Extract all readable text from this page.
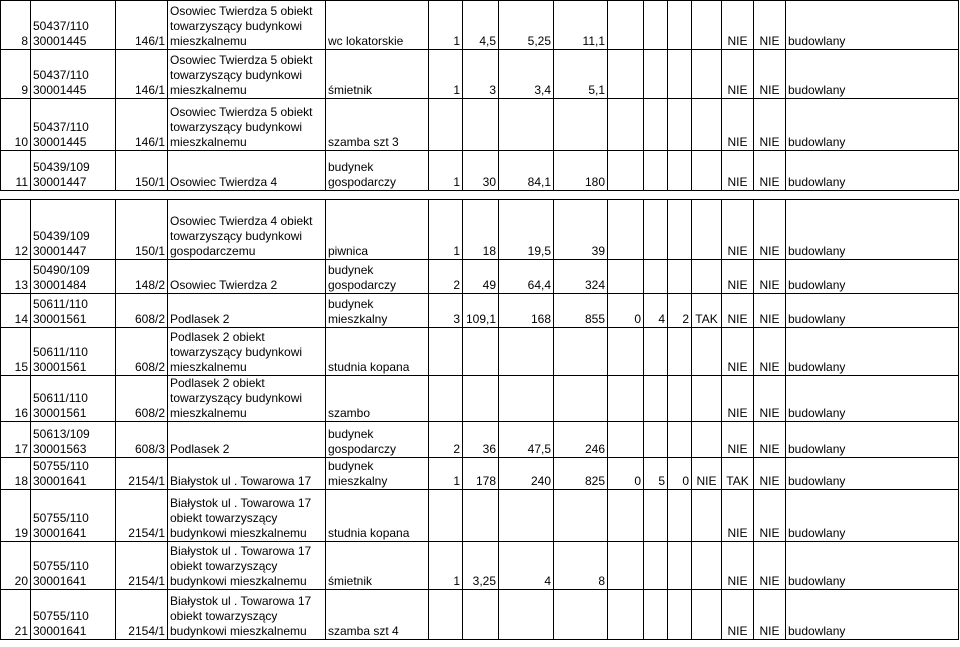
8	50437/110 30001445	146/1	Osowiec Twierdza 5 obiekt towarzyszący budynkowi mieszkalnemu	wc lokatorskie	1	4,5	5,25	11,1					NIE	NIE	budowlany
9	50437/110 30001445	146/1	Osowiec Twierdza 5 obiekt towarzyszący budynkowi mieszkalnemu	śmietnik	1	3	3,4	5,1					NIE	NIE	budowlany
10	50437/110 30001445	146/1	Osowiec Twierdza 5 obiekt towarzyszący budynkowi mieszkalnemu	szamba szt 3									NIE	NIE	budowlany
11	50439/109 30001447	150/1	Osowiec Twierdza 4	budynek gospodarczy	1	30	84,1	180					NIE	NIE	budowlany
12	50439/109 30001447	150/1	Osowiec Twierdza 4 obiekt towarzyszący budynkowi gospodarczemu	piwnica	1	18	19,5	39					NIE	NIE	budowlany
13	50490/109 30001484	148/2	Osowiec Twierdza 2	budynek gospodarczy	2	49	64,4	324					NIE	NIE	budowlany
14	50611/110 30001561	608/2	Podlasek 2	budynek mieszkalny	3	109,1	168	855	0	4	2	TAK	NIE	NIE	budowlany
15	50611/110 30001561	608/2	Podlasek 2 obiekt towarzyszący budynkowi mieszkalnemu	studnia kopana									NIE	NIE	budowlany
16	50611/110 30001561	608/2	Podlasek 2 obiekt towarzyszący budynkowi mieszkalnemu	szambo									NIE	NIE	budowlany
17	50613/109 30001563	608/3	Podlasek 2	budynek gospodarczy	2	36	47,5	246					NIE	NIE	budowlany
18	50755/110 30001641	2154/1	Białystok ul . Towarowa 17	budynek mieszkalny	1	178	240	825	0	5	0	NIE	TAK	NIE	budowlany
19	50755/110 30001641	2154/1	Białystok ul . Towarowa 17 obiekt towarzyszący budynkowi mieszkalnemu	studnia kopana									NIE	NIE	budowlany
20	50755/110 30001641	2154/1	Białystok ul . Towarowa 17 obiekt towarzyszący budynkowi mieszkalnemu	śmietnik	1	3,25	4	8					NIE	NIE	budowlany
21	50755/110 30001641	2154/1	Białystok ul . Towarowa 17 obiekt towarzyszący budynkowi mieszkalnemu	szamba szt 4									NIE	NIE	budowlany
